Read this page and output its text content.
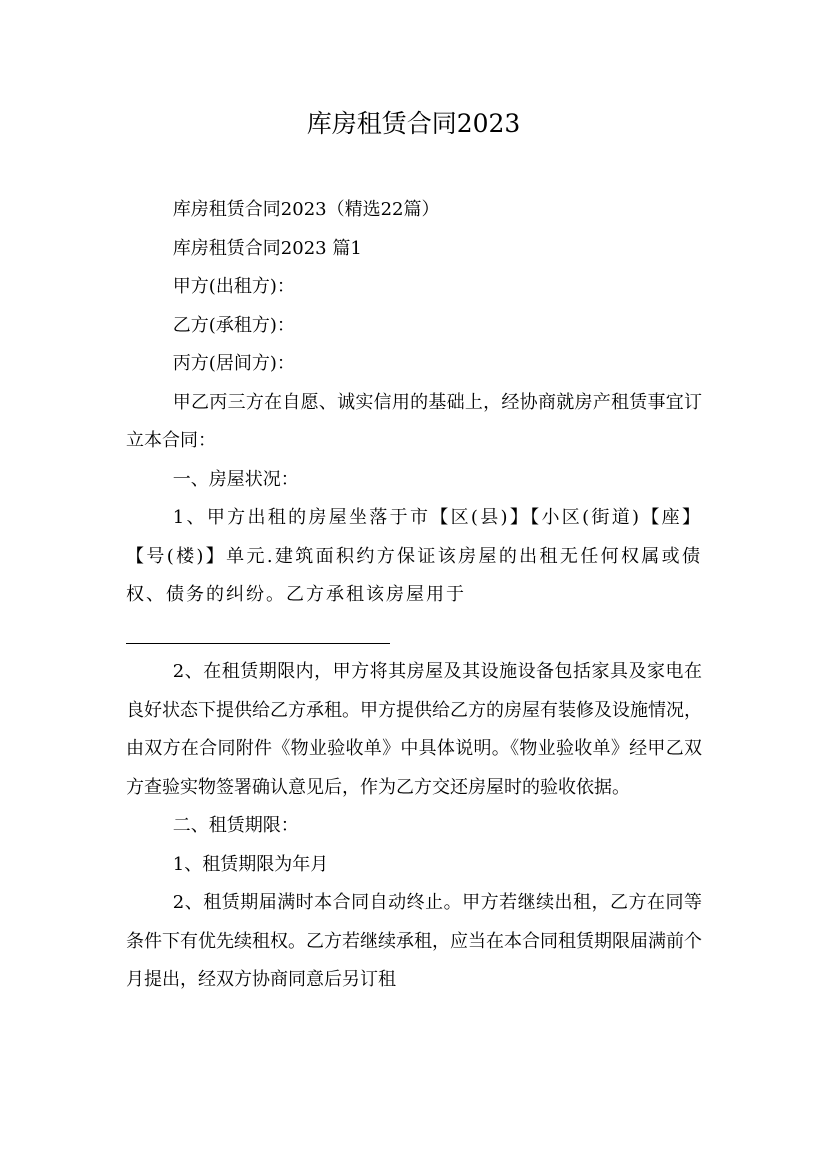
库房租赁合同2023

库房租赁合同2023（精选22篇）

库房租赁合同2023 篇1

甲方(出租方)：

乙方(承租方)：

丙方(居间方)：

甲乙丙三方在自愿、诚实信用的基础上，经协商就房产租赁事宜订立本合同：

一、房屋状况：

1、甲方出租的房屋坐落于市【区(县)】【小区(街道)【座】【号(楼)】单元.建筑面积约方保证该房屋的出租无任何权属或债权、债务的纠纷。乙方承租该房屋用于

2、在租赁期限内，甲方将其房屋及其设施设备包括家具及家电在良好状态下提供给乙方承租。甲方提供给乙方的房屋有装修及设施情况，由双方在合同附件《物业验收单》中具体说明。《物业验收单》经甲乙双方查验实物签署确认意见后，作为乙方交还房屋时的验收依据。

二、租赁期限：

1、租赁期限为年月

2、租赁期届满时本合同自动终止。甲方若继续出租，乙方在同等条件下有优先续租权。乙方若继续承租，应当在本合同租赁期限届满前个月提出，经双方协商同意后另订租
